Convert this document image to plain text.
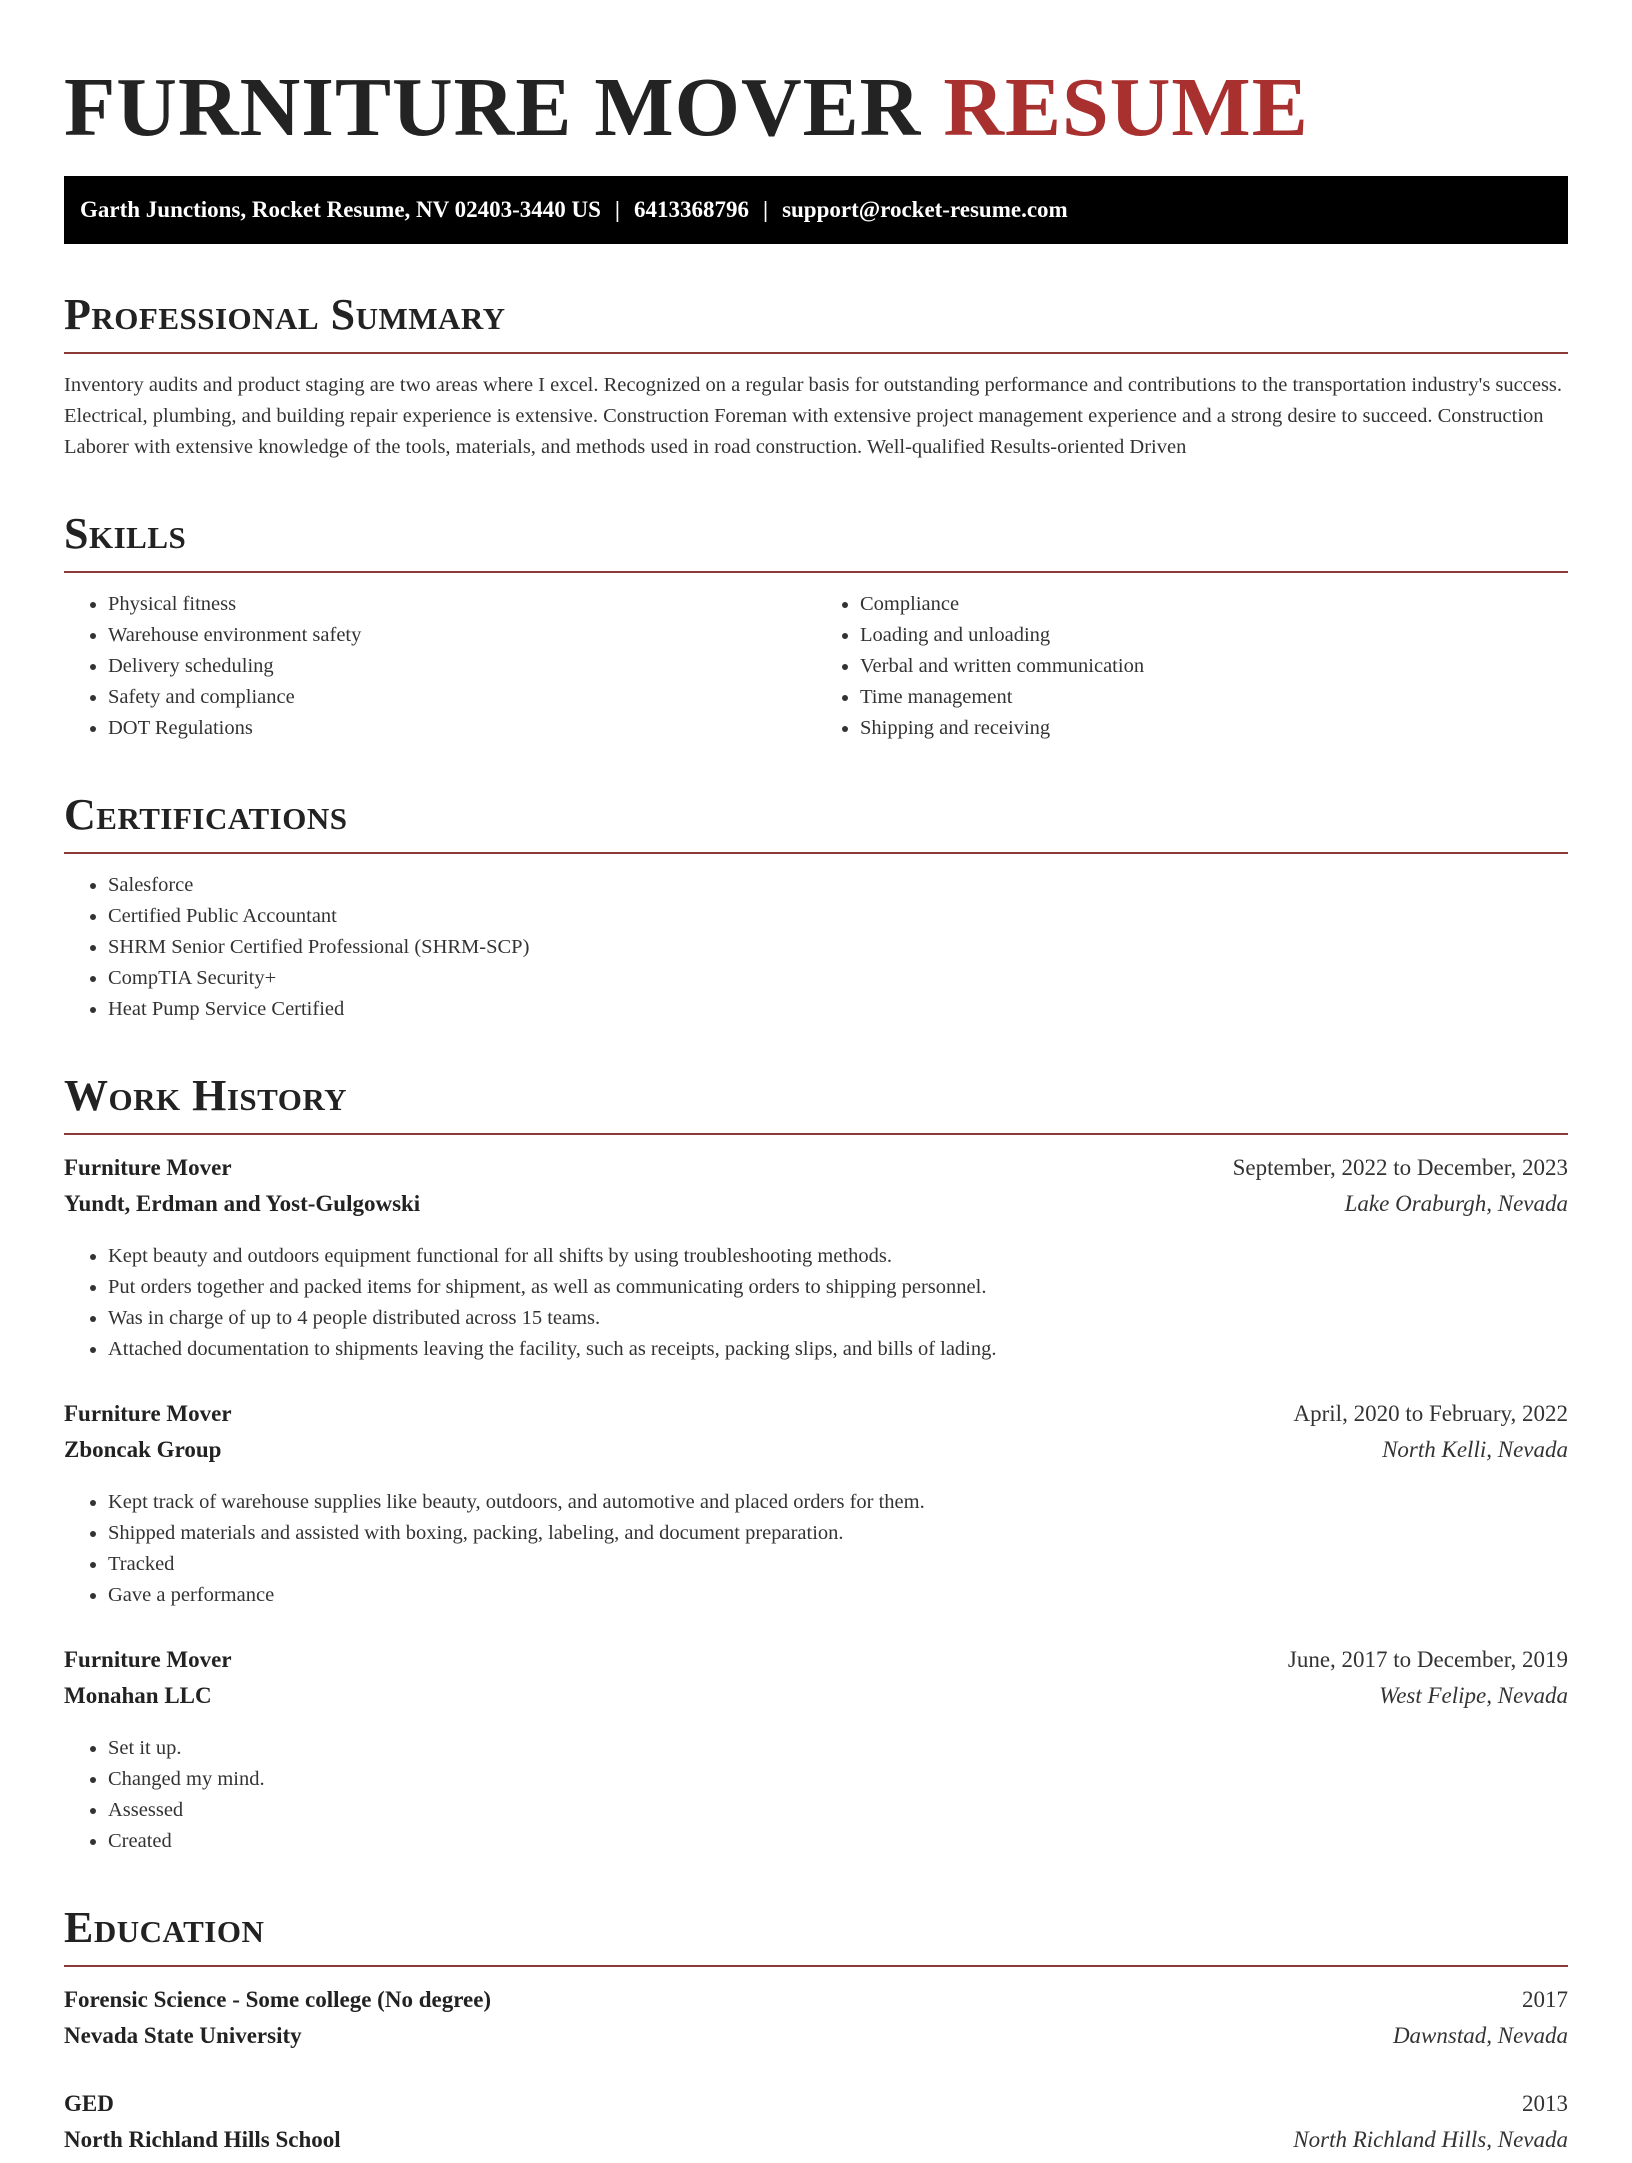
FURNITURE MOVER RESUME
Garth Junctions, Rocket Resume, NV 02403-3440 US | 6413368796 | support@rocket-resume.com
Professional Summary

Inventory audits and product staging are two areas where I excel. Recognized on a regular basis for outstanding performance and contributions to the transportation industry's success. Electrical, plumbing, and building repair experience is extensive. Construction Foreman with extensive project management experience and a strong desire to succeed. Construction Laborer with extensive knowledge of the tools, materials, and methods used in road construction. Well-qualified Results-oriented Driven

Skills
• Physical fitness
• Warehouse environment safety
• Delivery scheduling
• Safety and compliance
• DOT Regulations
• Compliance
• Loading and unloading
• Verbal and written communication
• Time management
• Shipping and receiving
Certifications
• Salesforce
• Certified Public Accountant
• SHRM Senior Certified Professional (SHRM-SCP)
• CompTIA Security+
• Heat Pump Service Certified
Work History
Furniture Mover	September, 2022 to December, 2023
Yundt, Erdman and Yost-Gulgowski	Lake Oraburgh, Nevada
• Kept beauty and outdoors equipment functional for all shifts by using troubleshooting methods.
• Put orders together and packed items for shipment, as well as communicating orders to shipping personnel.
• Was in charge of up to 4 people distributed across 15 teams.
• Attached documentation to shipments leaving the facility, such as receipts, packing slips, and bills of lading.
Furniture Mover	April, 2020 to February, 2022
Zboncak Group	North Kelli, Nevada
• Kept track of warehouse supplies like beauty, outdoors, and automotive and placed orders for them.
• Shipped materials and assisted with boxing, packing, labeling, and document preparation.
• Tracked
• Gave a performance
Furniture Mover	June, 2017 to December, 2019
Monahan LLC	West Felipe, Nevada
• Set it up.
• Changed my mind.
• Assessed
• Created
Education
Forensic Science - Some college (No degree)	2017
Nevada State University	Dawnstad, Nevada
GED	2013
North Richland Hills School	North Richland Hills, Nevada
